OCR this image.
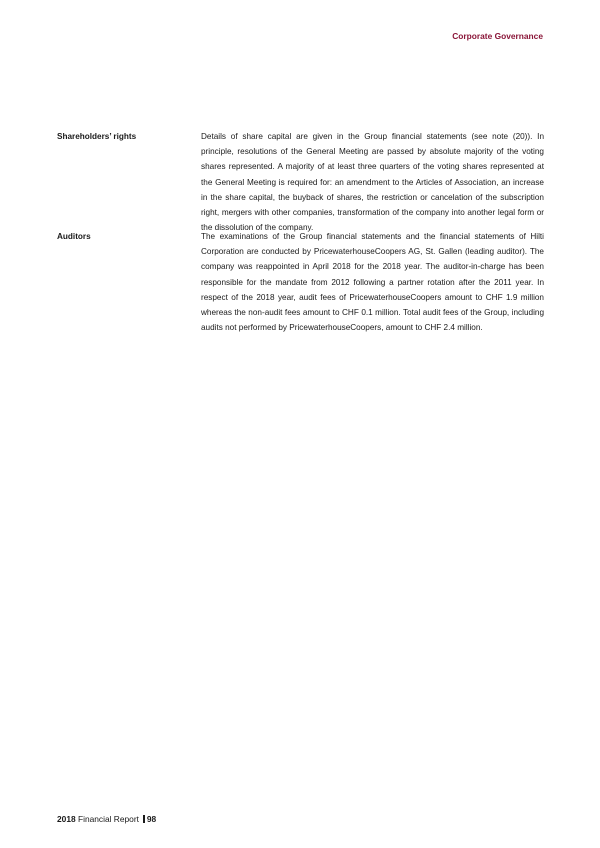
Corporate Governance
Shareholders’ rights	Details of share capital are given in the Group financial statements (see note (20)). In principle, resolutions of the General Meeting are passed by absolute majority of the voting shares represented. A majority of at least three quarters of the voting shares represented at the General Meeting is required for: an amendment to the Articles of Association, an increase in the share capital, the buyback of shares, the restriction or cancelation of the subscription right, mergers with other companies, transformation of the company into another legal form or the dissolution of the company.
Auditors	The examinations of the Group financial statements and the financial statements of Hilti Corporation are conducted by PricewaterhouseCoopers AG, St. Gallen (leading auditor). The company was reappointed in April 2018 for the 2018 year. The auditor-in-charge has been responsible for the mandate from 2012 following a partner rotation after the 2011 year. In respect of the 2018 year, audit fees of PricewaterhouseCoopers amount to CHF 1.9 million whereas the non-audit fees amount to CHF 0.1 million. Total audit fees of the Group, including audits not performed by PricewaterhouseCoopers, amount to CHF 2.4 million.
2018 Financial Report 98
